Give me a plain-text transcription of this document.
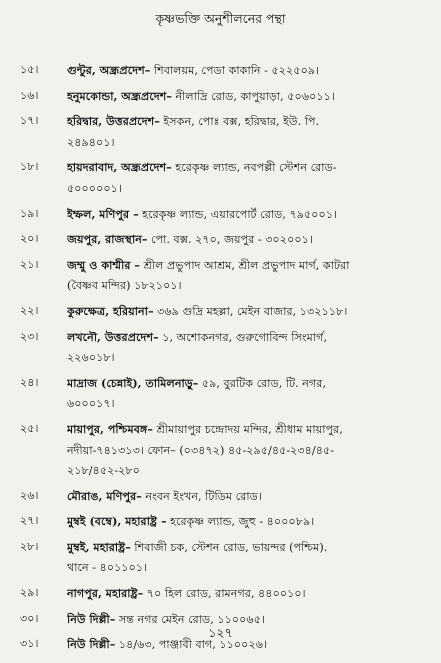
কৃষ্ণভক্তি অনুশীলনের পন্থা
১৫।	গুন্টুর, অন্ধ্রপ্রদেশ– শিবালয়ম, পেডা কাকানি - ৫২২৫০৯।
১৬।	হনুমকোন্ডা, অন্ধ্রপ্রদেশ– নীলাদ্রি রোড, কাপুয়াড়া, ৫০৬০১১।
১৭।	হরিদ্বার, উত্তরপ্রদেশ– ইসকন, পোঃ বক্স, হরিদ্বার, ইউ. পি.
২৪৯৪০১।
১৮।	হায়দরাবাদ, অন্ধ্রপ্রদেশ– হরেকৃষ্ণ ল্যান্ড, নবপল্লী স্টেশন রোড-
৫০০০০০১।
১৯।	ইম্ফল, মণিপুর – হরেকৃষ্ণ ল্যান্ড, এয়ারপোর্ট রোড, ৭৯৫০০১।
২০।	জয়পুর, রাজস্থান– পো. বক্স. ২৭০, জয়পুর - ৩০২০০১।
২১।	জম্মু ও কাশ্মীর – শ্রীল প্রভুপাদ আশ্রম, শ্রীল প্রভুপাদ মার্গ, কাটরা
(বৈষ্ণব মন্দির) ১৮২১০১।
২২।	কুরুক্ষেত্র, হরিয়ানা– ৩৬৯ গুদ্রি মহল্লা, মেইন বাজার, ১৩২১১৮।
২৩।	লখনৌ, উত্তরপ্রদেশ– ১, অশোকনগর, গুরুগোবিন্দ সিংমার্গ,
২২৬০১৮।
২৪।	মাদ্রাজ (চেন্নাই), তামিলনাড়ু– ৫৯, বুরটিক রোড, টি. নগর,
৬০০০১৭।
২৫।	মায়াপুর, পশ্চিমবঙ্গ– শ্রীমায়াপুর চন্দ্রোদয় মন্দির, শ্রীধাম মায়াপুর,
নদীয়া-৭৪১৩১৩। ফোন– (০৩৪৭২) ৪৫-২৯৫/৪৫-২৩৪/৪৫-
২১৮/৪৫২-২৮০
২৬।	মৌরাঙ, মণিপুর– নংবন ইংখন, টিডিম রোড।
২৭।	মুম্বই (বম্বে), মহারাষ্ট্র – হরেকৃষ্ণ ল্যান্ড, জুহু - ৪০০০৮৯।
২৮।	মুম্বই, মহারাষ্ট্র– শিবাজী চক, স্টেশন রোড, ভায়ন্দর (পশ্চিম).
থানে - ৪০১১০১।
২৯।	নাগপুর, মহারাষ্ট্র– ৭০ হিল রোড, রামনগর, ৪৪০০১০।
৩০।	নিউ দিল্লী– সন্ত নগর মেইন রোড, ১১০০৬৫।
৩১।	নিউ দিল্লী– ১৪/৬৩, পাঞ্জাবী বাগ, ১১০০২৬।
১২৭
